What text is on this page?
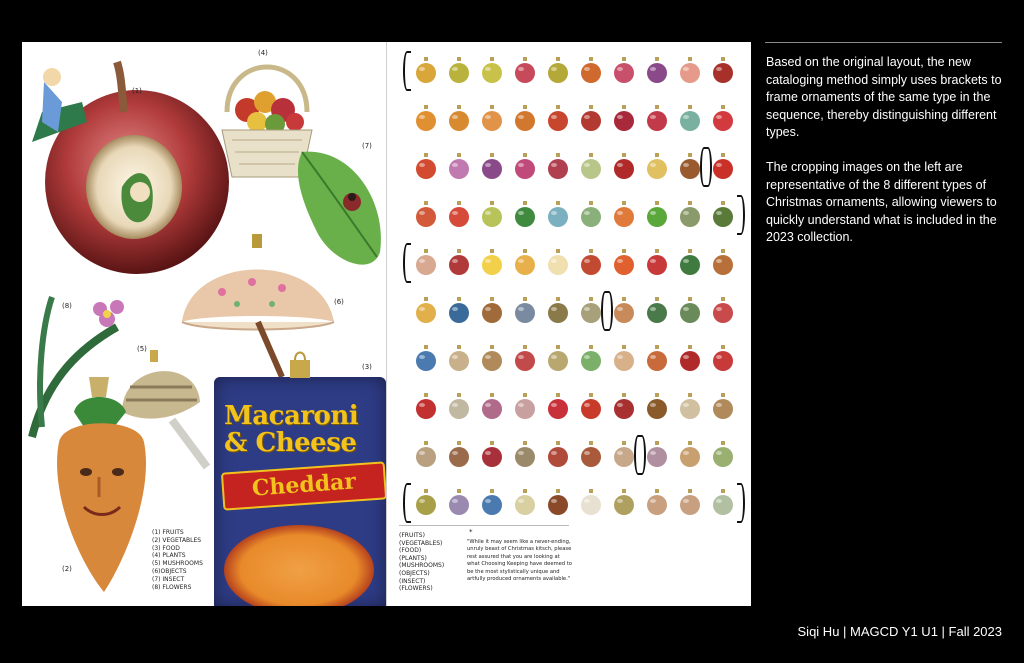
(1)
(4)
(7)
(6)
(8)
(5)
(2)
Macaroni & Cheese
Cheddar
(3)
(1) FRUITS
(2) VEGETABLES
(3) FOOD
(4) PLANTS
(5) MUSHROOMS
(6)OBJECTS
(7) INSECT
(8) FLOWERS
(FRUITS)
(VEGETABLES)
(FOOD)
(PLANTS)
(MUSHROOMS)
(OBJECTS)
(INSECT)
(FLOWERS)
*
"While it may seem like a never-ending, unruly beast of Christmas kitsch, please rest assured that you are looking at what Choosing Keeping have deemed to be the most stylistically unique and artfully produced ornaments available."

Based on the original layout, the new cataloging method simply uses brackets to frame ornaments of the same type in the sequence, thereby distinguishing different types.

The cropping images on the left are representative of the 8 different types of Christmas ornaments, allowing viewers to quickly understand what is included in the 2023 collection.

Siqi Hu | MAGCD Y1 U1 | Fall 2023
